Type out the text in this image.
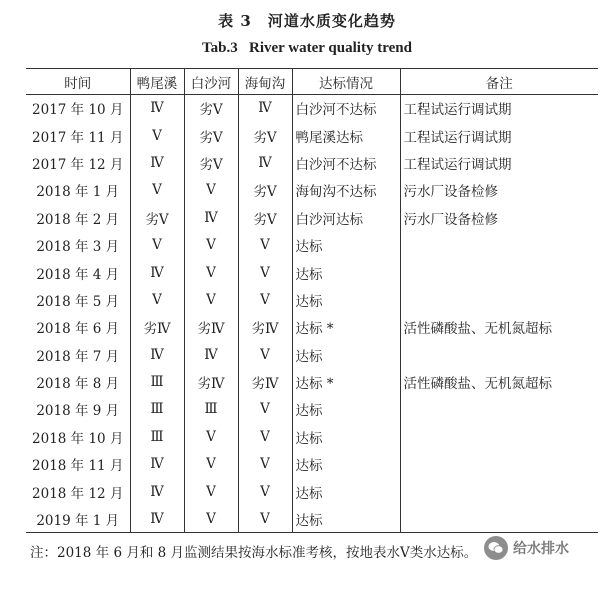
表 3　河道水质变化趋势
Tab.3   River water quality trend
时间	鸭尾溪	白沙河	海甸沟	达标情况	备注
2017 年 10 月	Ⅳ	劣Ⅴ	Ⅳ	白沙河不达标	工程试运行调试期
2017 年 11 月	Ⅴ	劣Ⅴ	劣Ⅴ	鸭尾溪达标	工程试运行调试期
2017 年 12 月	Ⅳ	劣Ⅴ	Ⅳ	白沙河不达标	工程试运行调试期
2018 年 1 月	Ⅴ	Ⅴ	劣Ⅴ	海甸沟不达标	污水厂设备检修
2018 年 2 月	劣Ⅴ	Ⅳ	劣Ⅴ	白沙河达标	污水厂设备检修
2018 年 3 月	Ⅴ	Ⅴ	Ⅴ	达标	
2018 年 4 月	Ⅳ	Ⅴ	Ⅴ	达标	
2018 年 5 月	Ⅴ	Ⅴ	Ⅴ	达标	
2018 年 6 月	劣Ⅳ	劣Ⅳ	劣Ⅳ	达标 *	活性磷酸盐、无机氮超标
2018 年 7 月	Ⅳ	Ⅳ	Ⅴ	达标	
2018 年 8 月	Ⅲ	劣Ⅳ	劣Ⅳ	达标 *	活性磷酸盐、无机氮超标
2018 年 9 月	Ⅲ	Ⅲ	Ⅴ	达标	
2018 年 10 月	Ⅲ	Ⅴ	Ⅴ	达标	
2018 年 11 月	Ⅳ	Ⅴ	Ⅴ	达标	
2018 年 12 月	Ⅳ	Ⅴ	Ⅴ	达标	
2019 年 1 月	Ⅳ	Ⅴ	Ⅴ	达标	

注：2018 年 6 月和 8 月监测结果按海水标准考核，按地表水Ⅴ类水达标。	给水排水
